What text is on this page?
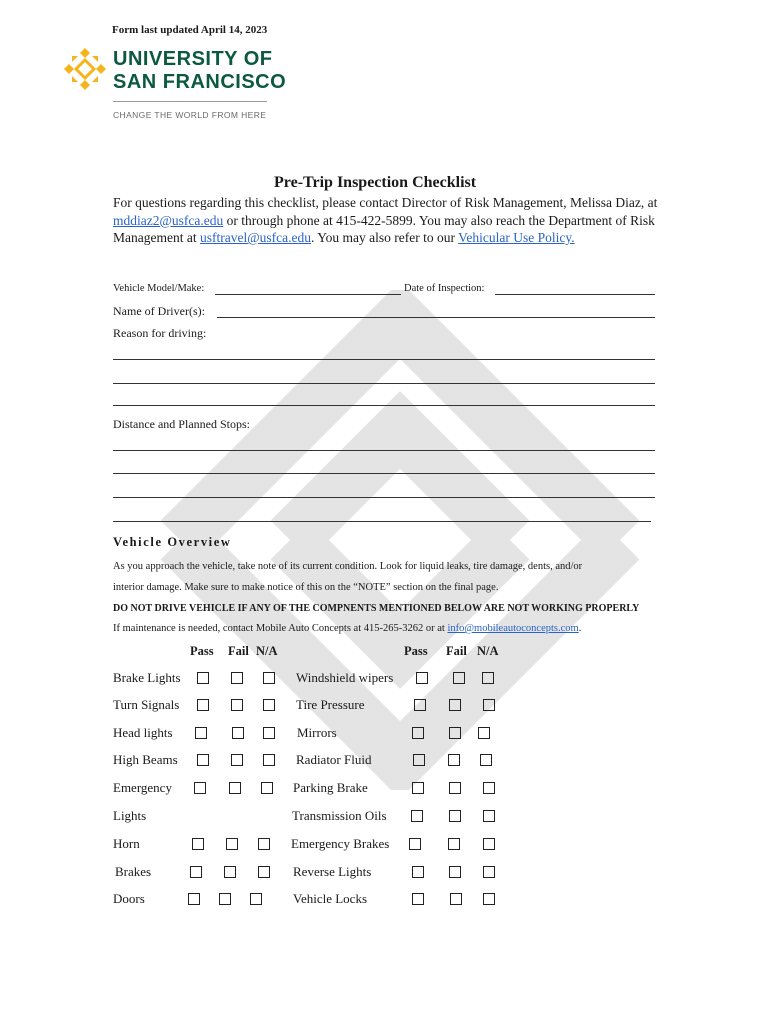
Form last updated April 14, 2023
UNIVERSITY OF
SAN FRANCISCO
CHANGE THE WORLD FROM HERE
Pre-Trip Inspection Checklist
For questions regarding this checklist, please contact Director of Risk Management, Melissa Diaz, at mddiaz2@usfca.edu or through phone at 415-422-5899. You may also reach the Department of Risk Management at usftravel@usfca.edu. You may also refer to our Vehicular Use Policy.
Vehicle Model/Make:	Date of Inspection:
Name of Driver(s):
Reason for driving:
Distance and Planned Stops:
Vehicle Overview
As you approach the vehicle, take note of its current condition. Look for liquid leaks, tire damage, dents, and/or
interior damage. Make sure to make notice of this on the “NOTE” section on the final page.
DO NOT DRIVE VEHICLE IF ANY OF THE COMPNENTS MENTIONED BELOW ARE NOT WORKING PROPERLY
If maintenance is needed, contact Mobile Auto Concepts at 415-265-3262 or at info@mobileautoconcepts.com.
Pass Fail N/A	Pass Fail N/A
Brake Lights
Turn Signals
Head lights
High Beams
Emergency
Lights
Horn
Brakes
Doors
Windshield wipers
Tire Pressure
Mirrors
Radiator Fluid
Parking Brake
Transmission Oils
Emergency Brakes
Reverse Lights
Vehicle Locks
